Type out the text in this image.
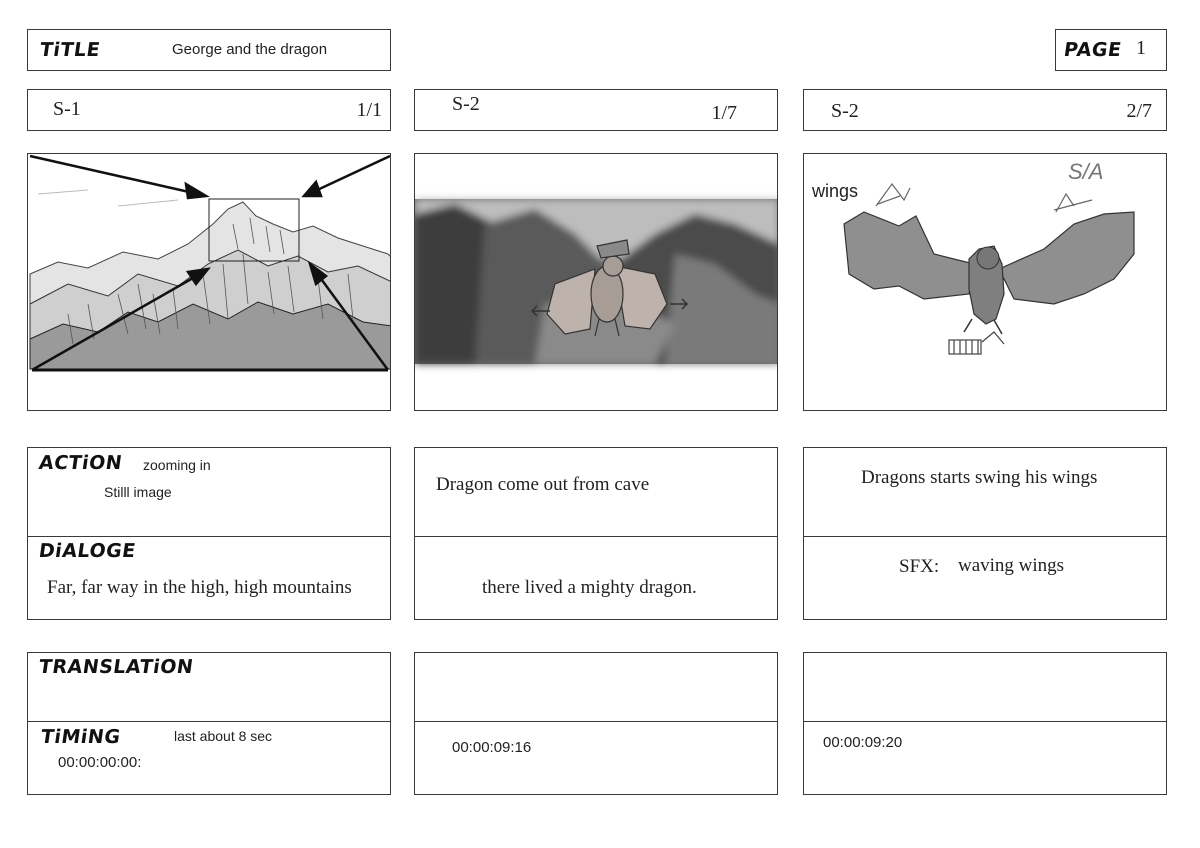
TiTLE	George and the dragon	PAGE 1
S-1	1/1	S-2	1/7	S-2	2/7
wings
S/A
ACTiON zooming in
Stilll image
DiALOGE
Far, far way in the high, high mountains
Dragon come out from cave
there lived a mighty dragon.
Dragons starts swing his wings
SFX: waving wings
TRANSLATiON
TiMiNG	last about 8 sec
00:00:00:00:
00:00:09:16	00:00:09:20
